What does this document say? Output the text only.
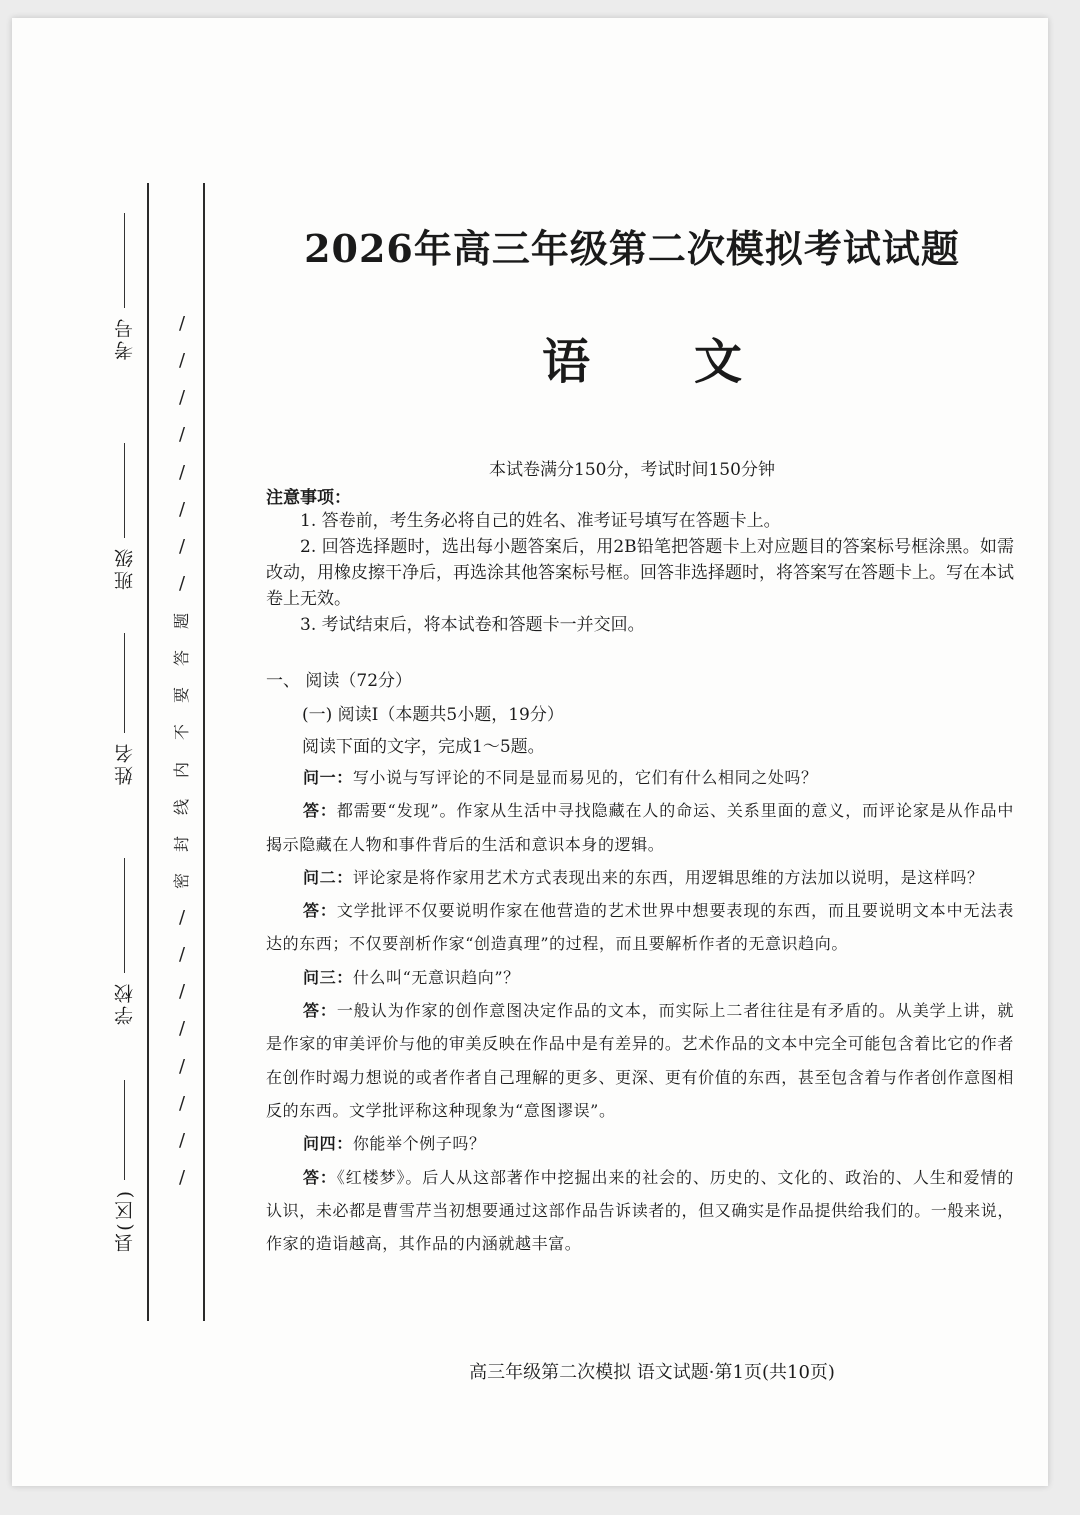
考号
班级
姓名
学校
县(区)
/
/
/
/
/
/
/
/
题
答
要
不
内
线
封
密
/
/
/
/
/
/
/
/
2026年高三年级第二次模拟考试试题
语 文
本试卷满分150分，考试时间150分钟
注意事项：

1. 答卷前，考生务必将自己的姓名、准考证号填写在答题卡上。

2. 回答选择题时，选出每小题答案后，用2B铅笔把答题卡上对应题目的答案标号框涂黑。如需改动，用橡皮擦干净后，再选涂其他答案标号框。回答非选择题时，将答案写在答题卡上。写在本试卷上无效。

3. 考试结束后，将本试卷和答题卡一并交回。

一、 阅读（72分）
(一) 阅读Ⅰ（本题共5小题，19分）
阅读下面的文字，完成1～5题。

问一：写小说与写评论的不同是显而易见的，它们有什么相同之处吗？

答：都需要“发现”。作家从生活中寻找隐藏在人的命运、关系里面的意义，而评论家是从作品中揭示隐藏在人物和事件背后的生活和意识本身的逻辑。

问二：评论家是将作家用艺术方式表现出来的东西，用逻辑思维的方法加以说明，是这样吗？

答：文学批评不仅要说明作家在他营造的艺术世界中想要表现的东西，而且要说明文本中无法表达的东西；不仅要剖析作家“创造真理”的过程，而且要解析作者的无意识趋向。

问三：什么叫“无意识趋向”？

答：一般认为作家的创作意图决定作品的文本，而实际上二者往往是有矛盾的。从美学上讲，就是作家的审美评价与他的审美反映在作品中是有差异的。艺术作品的文本中完全可能包含着比它的作者在创作时竭力想说的或者作者自己理解的更多、更深、更有价值的东西，甚至包含着与作者创作意图相反的东西。文学批评称这种现象为“意图谬误”。

问四：你能举个例子吗？

答：《红楼梦》。后人从这部著作中挖掘出来的社会的、历史的、文化的、政治的、人生和爱情的认识，未必都是曹雪芹当初想要通过这部作品告诉读者的，但又确实是作品提供给我们的。一般来说，作家的造诣越高，其作品的内涵就越丰富。

高三年级第二次模拟 语文试题·第1页(共10页)
